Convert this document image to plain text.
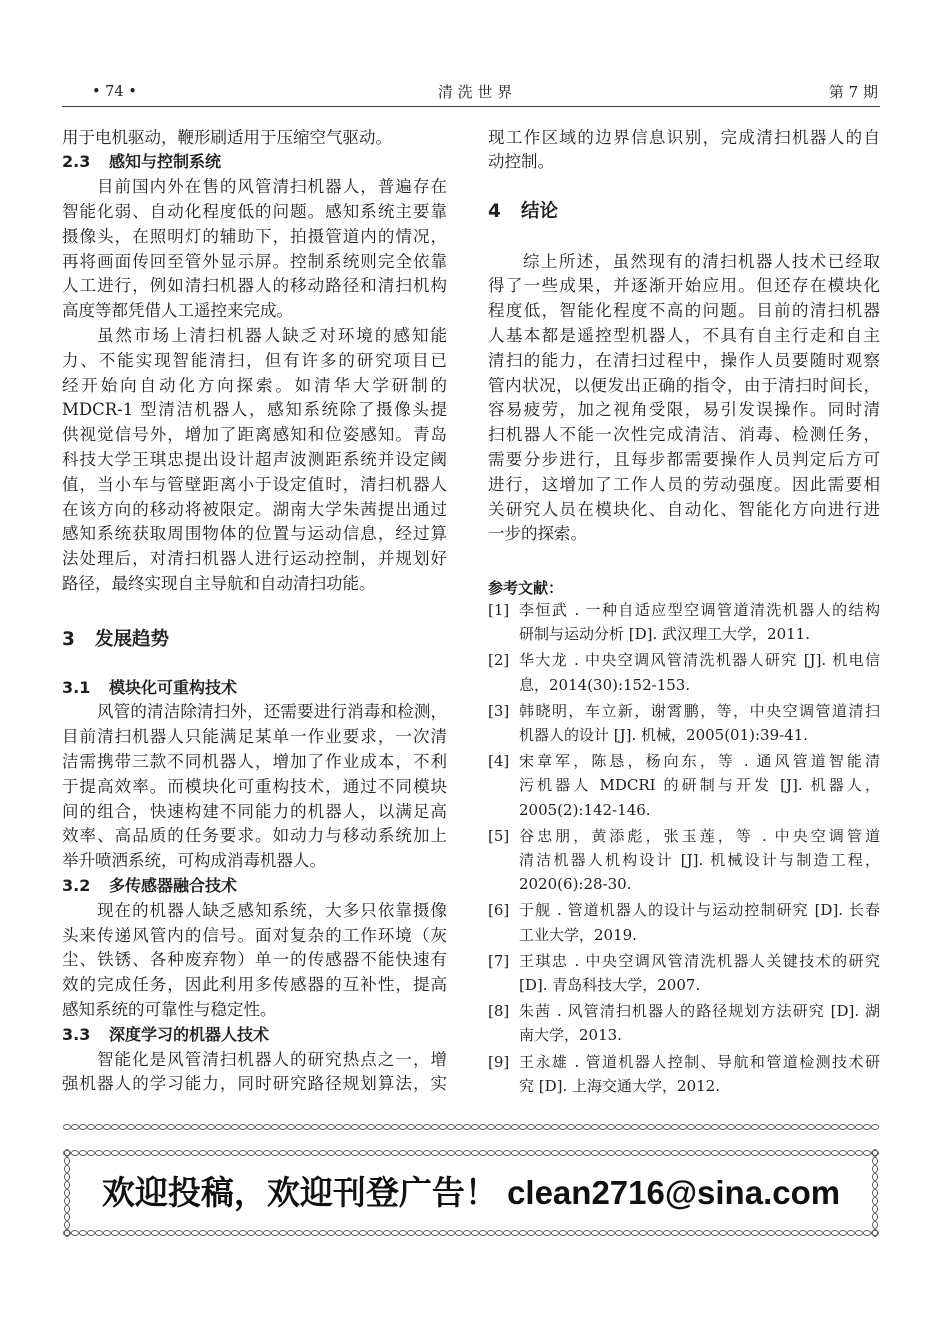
• 74 •	清 洗 世 界	第 7 期
用于电机驱动，鞭形刷适用于压缩空气驱动。
2.3 感知与控制系统
目前国内外在售的风管清扫机器人，普遍存在
智能化弱、自动化程度低的问题。感知系统主要靠
摄像头，在照明灯的辅助下，拍摄管道内的情况，
再将画面传回至管外显示屏。控制系统则完全依靠
人工进行，例如清扫机器人的移动路径和清扫机构
高度等都凭借人工遥控来完成。
虽然市场上清扫机器人缺乏对环境的感知能
力、不能实现智能清扫，但有许多的研究项目已
经开始向自动化方向探索。如清华大学研制的
MDCR-1 型清洁机器人，感知系统除了摄像头提
供视觉信号外，增加了距离感知和位姿感知。青岛
科技大学王琪忠提出设计超声波测距系统并设定阈
值，当小车与管壁距离小于设定值时，清扫机器人
在该方向的移动将被限定。湖南大学朱茜提出通过
感知系统获取周围物体的位置与运动信息，经过算
法处理后，对清扫机器人进行运动控制，并规划好
路径，最终实现自主导航和自动清扫功能。
3 发展趋势
3.1 模块化可重构技术
风管的清洁除清扫外，还需要进行消毒和检测，
目前清扫机器人只能满足某单一作业要求，一次清
洁需携带三款不同机器人，增加了作业成本，不利
于提高效率。而模块化可重构技术，通过不同模块
间的组合，快速构建不同能力的机器人，以满足高
效率、高品质的任务要求。如动力与移动系统加上
举升喷洒系统，可构成消毒机器人。
3.2 多传感器融合技术
现在的机器人缺乏感知系统，大多只依靠摄像
头来传递风管内的信号。面对复杂的工作环境（灰
尘、铁锈、各种废弃物）单一的传感器不能快速有
效的完成任务，因此利用多传感器的互补性，提高
感知系统的可靠性与稳定性。
3.3 深度学习的机器人技术
智能化是风管清扫机器人的研究热点之一，增
强机器人的学习能力，同时研究路径规划算法，实
现工作区域的边界信息识别，完成清扫机器人的自
动控制。
4 结论
综上所述，虽然现有的清扫机器人技术已经取
得了一些成果，并逐渐开始应用。但还存在模块化
程度低，智能化程度不高的问题。目前的清扫机器
人基本都是遥控型机器人，不具有自主行走和自主
清扫的能力，在清扫过程中，操作人员要随时观察
管内状况，以便发出正确的指令，由于清扫时间长，
容易疲劳，加之视角受限，易引发误操作。同时清
扫机器人不能一次性完成清洁、消毒、检测任务，
需要分步进行，且每步都需要操作人员判定后方可
进行，这增加了工作人员的劳动强度。因此需要相
关研究人员在模块化、自动化、智能化方向进行进
一步的探索。
参考文献：
[1] 李恒武 . 一种自适应型空调管道清洗机器人的结构
研制与运动分析 [D]. 武汉理工大学，2011.
[2] 华大龙 . 中央空调风管清洗机器人研究 [J]. 机电信
息，2014(30):152-153.
[3] 韩晓明，车立新，谢霄鹏，等，中央空调管道清扫
机器人的设计 [J]. 机械，2005(01):39-41.
[4] 宋章军，陈恳，杨向东，等 . 通风管道智能清
污机器人 MDCRI 的研制与开发 [J]. 机器人，
2005(2):142-146.
[5] 谷忠朋，黄添彪，张玉莲，等 . 中央空调管道
清洁机器人机构设计 [J]. 机械设计与制造工程，
2020(6):28-30.
[6] 于舰 . 管道机器人的设计与运动控制研究 [D]. 长春
工业大学，2019.
[7] 王琪忠 . 中央空调风管清洗机器人关键技术的研究
[D]. 青岛科技大学，2007.
[8] 朱茜 . 风管清扫机器人的路径规划方法研究 [D]. 湖
南大学，2013.
[9] 王永雄 . 管道机器人控制、导航和管道检测技术研
究 [D]. 上海交通大学，2012.
欢迎投稿，欢迎刊登广告！ clean2716@sina.com
